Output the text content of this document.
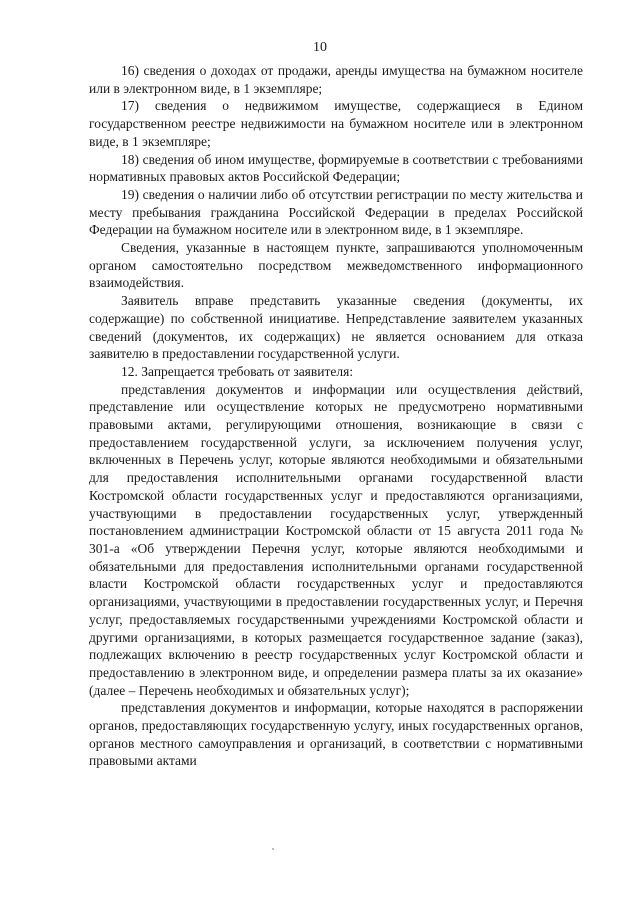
10

16) сведения о доходах от продажи, аренды имущества на бумажном носителе или в электронном виде, в 1 экземпляре;

17) сведения о недвижимом имуществе, содержащиеся в Едином государственном реестре недвижимости на бумажном носителе или в электронном виде, в 1 экземпляре;

18) сведения об ином имуществе, формируемые в соответствии с требованиями нормативных правовых актов Российской Федерации;

19) сведения о наличии либо об отсутствии регистрации по месту жительства и месту пребывания гражданина Российской Федерации в пределах Российской Федерации на бумажном носителе или в электронном виде, в 1 экземпляре.

Сведения, указанные в настоящем пункте, запрашиваются уполномоченным органом самостоятельно посредством межведомственного информационного взаимодействия.

Заявитель вправе представить указанные сведения (документы, их содержащие) по собственной инициативе. Непредставление заявителем указанных сведений (документов, их содержащих) не является основанием для отказа заявителю в предоставлении государственной услуги.

12. Запрещается требовать от заявителя:

представления документов и информации или осуществления действий, представление или осуществление которых не предусмотрено нормативными правовыми актами, регулирующими отношения, возникающие в связи с предоставлением государственной услуги, за исключением получения услуг, включенных в Перечень услуг, которые являются необходимыми и обязательными для предоставления исполнительными органами государственной власти Костромской области государственных услуг и предоставляются организациями, участвующими в предоставлении государственных услуг, утвержденный постановлением администрации Костромской области от 15 августа 2011 года № 301-а «Об утверждении Перечня услуг, которые являются необходимыми и обязательными для предоставления исполнительными органами государственной власти Костромской области государственных услуг и предоставляются организациями, участвующими в предоставлении государственных услуг, и Перечня услуг, предоставляемых государственными учреждениями Костромской области и другими организациями, в которых размещается государственное задание (заказ), подлежащих включению в реестр государственных услуг Костромской области и предоставлению в электронном виде, и определении размера платы за их оказание» (далее – Перечень необходимых и обязательных услуг);

представления документов и информации, которые находятся в распоряжении органов, предоставляющих государственную услугу, иных государственных органов, органов местного самоуправления и организаций, в соответствии с нормативными правовыми актами
